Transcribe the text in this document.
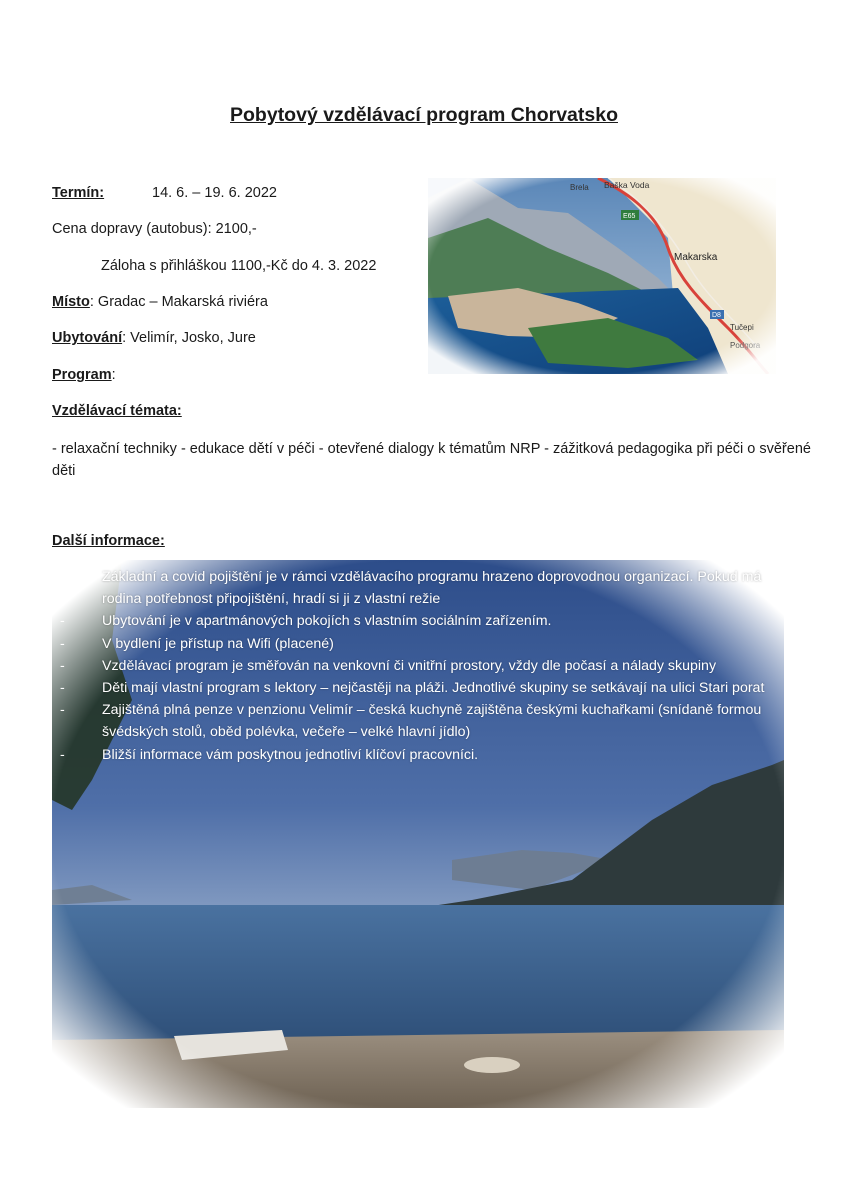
Pobytový vzdělávací program Chorvatsko
Termín:	14. 6. – 19. 6. 2022
Cena dopravy (autobus): 2100,-
Záloha s přihláškou 1100,-Kč do 4. 3. 2022
Místo: Gradac – Makarská riviéra
Ubytování: Velimír, Josko, Jure
Program:
Vzdělávací témata:
- relaxační techniky - edukace dětí v péči - otevřené dialogy k tématům NRP - zážitková pedagogika při péči o svěřené děti
Další informace:
-	Základní a covid pojištění je v rámci vzdělávacího programu hrazeno doprovodnou organizací. Pokud má rodina potřebnost připojištění, hradí si ji z vlastní režie
-	Ubytování je v apartmánových pokojích s vlastním sociálním zařízením.
-	V bydlení je přístup na Wifi (placené)
-	Vzdělávací program je směřován na venkovní či vnitřní prostory, vždy dle počasí a nálady skupiny
-	Děti mají vlastní program s lektory – nejčastěji na pláži. Jednotlivé skupiny se setkávají na ulici Stari porat
-	Zajištěná plná penze v penzionu Velimír – česká kuchyně zajištěna českými kuchařkami (snídaně formou švédských stolů, oběd polévka, večeře – velké hlavní jídlo)
-	Bližší informace vám poskytnou jednotliví klíčoví pracovníci.
